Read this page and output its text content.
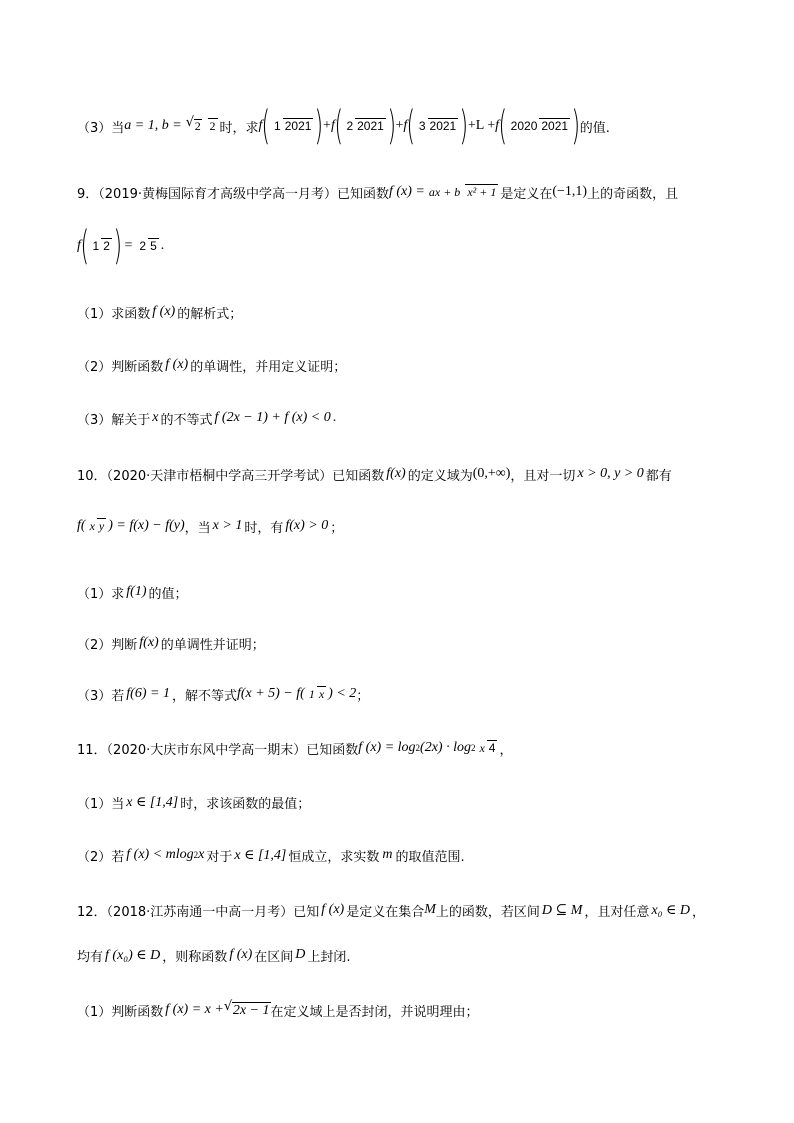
（3）当 a = 1, b = √ 2 2 时，求 f ( 1 2021 ) + f ( 2 2021 ) + f ( 3 2021 ) +L + f ( 2020 2021 ) 的值.
9．（2019·黄梅国际育才高级中学高一月考）已知函数 f (x) = ax + b x² + 1 是定义在 (−1,1) 上的奇函数，且
f ( 1 2 ) = 2 5 .
（1）求函数 f (x) 的解析式；
（2）判断函数 f (x) 的单调性，并用定义证明；
（3）解关于 x 的不等式 f (2x − 1) + f (x) < 0 .
10．（2020·天津市梧桐中学高三开学考试）已知函数 f(x) 的定义域为 (0,+∞) ，且对一切 x > 0, y > 0 都有
f( x y ) = f(x) − f(y) ，当 x > 1 时，有 f(x) > 0 ；
（1）求 f(1) 的值；
（2）判断 f(x) 的单调性并证明；
（3）若 f(6) = 1 ，解不等式 f(x + 5) − f( 1 x ) < 2 ；
11．（2020·大庆市东风中学高一期末）已知函数 f (x) = log 2 (2x) · log 2 x 4 ，
（1）当 x ∈ [1,4] 时，求该函数的最值；
（2）若 f (x) < mlog 2 x 对于 x ∈ [1,4] 恒成立，求实数 m 的取值范围.
12．（2018·江苏南通一中高一月考）已知 f (x) 是定义在集合 M 上的函数，若区间 D ⊆ M ，且对任意 x₀ ∈ D ，
均有 f (x₀) ∈ D ，则称函数 f (x) 在区间 D 上封闭.
（1）判断函数 f (x) = x + √ 2x − 1 在定义域上是否封闭，并说明理由；
